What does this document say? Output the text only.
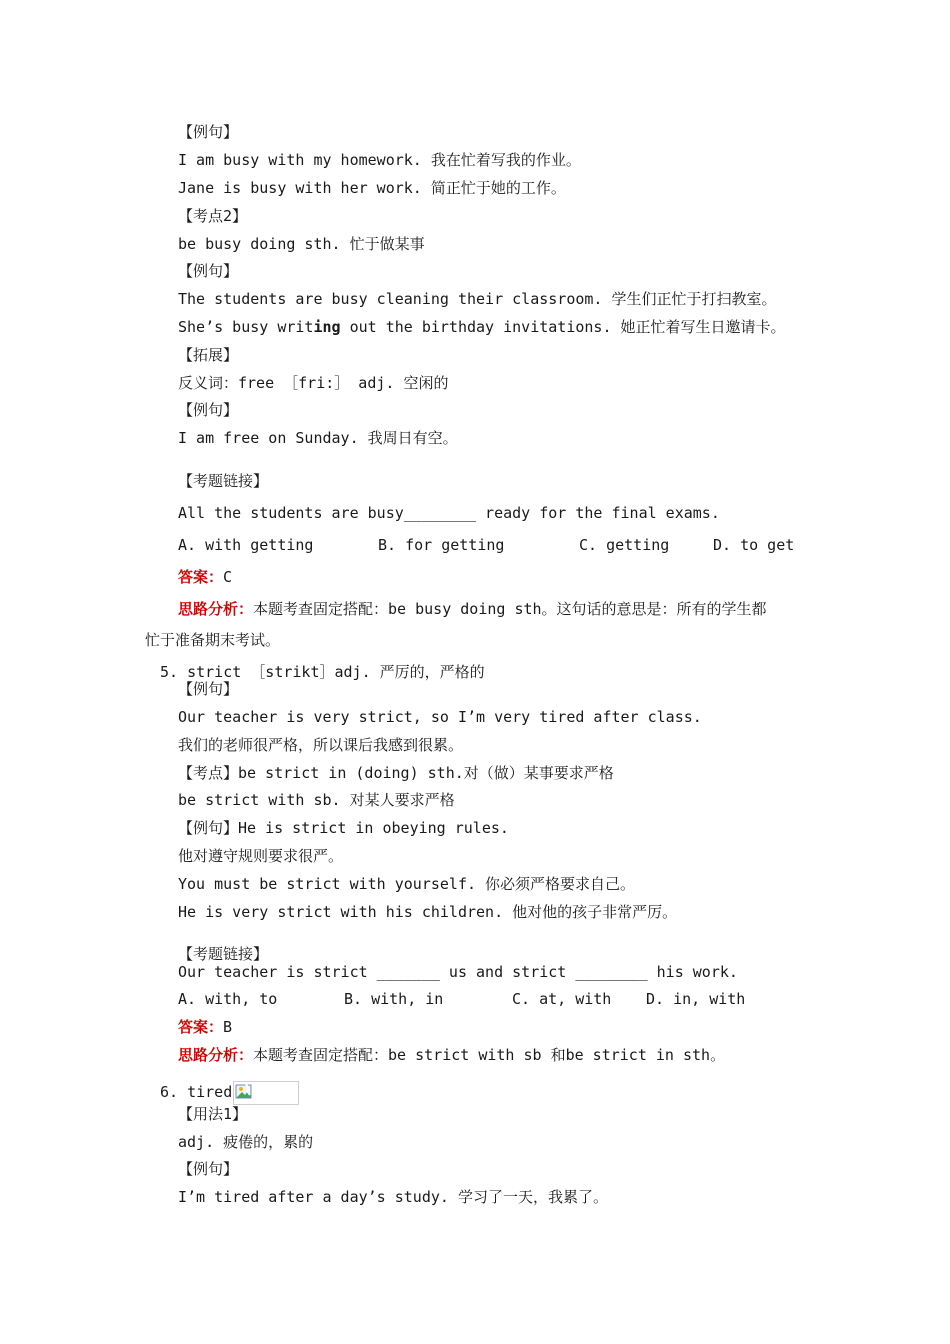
【例句】
I am busy with my homework. 我在忙着写我的作业。
Jane is busy with her work. 简正忙于她的工作。
【考点2】
be busy doing sth. 忙于做某事
【例句】
The students are busy cleaning their classroom. 学生们正忙于打扫教室。
She’s busy writing out the birthday invitations. 她正忙着写生日邀请卡。
【拓展】
反义词：free ［fri:］ adj. 空闲的
【例句】
I am free on Sunday. 我周日有空。
【考题链接】
All the students are busy________ ready for the final exams.
A. with getting	B. for getting	C. getting	D. to get
答案：C
思路分析：本题考查固定搭配：be busy doing sth。这句话的意思是：所有的学生都
忙于准备期末考试。
5. strict ［strikt］adj. 严厉的，严格的
【例句】
Our teacher is very strict, so I’m very tired after class.
我们的老师很严格，所以课后我感到很累。
【考点】be strict in (doing) sth.对（做）某事要求严格
be strict with sb. 对某人要求严格
【例句】He is strict in obeying rules.
他对遵守规则要求很严。
You must be strict with yourself. 你必须严格要求自己。
He is very strict with his children. 他对他的孩子非常严厉。
【考题链接】
Our teacher is strict _______ us and strict ________ his work.
A. with, to	B. with, in	C. at, with D. in, with
答案：B
思路分析：本题考查固定搭配：be strict with sb 和be strict in sth。
6. tired
【用法1】
adj. 疲倦的，累的
【例句】
I’m tired after a day’s study. 学习了一天，我累了。
